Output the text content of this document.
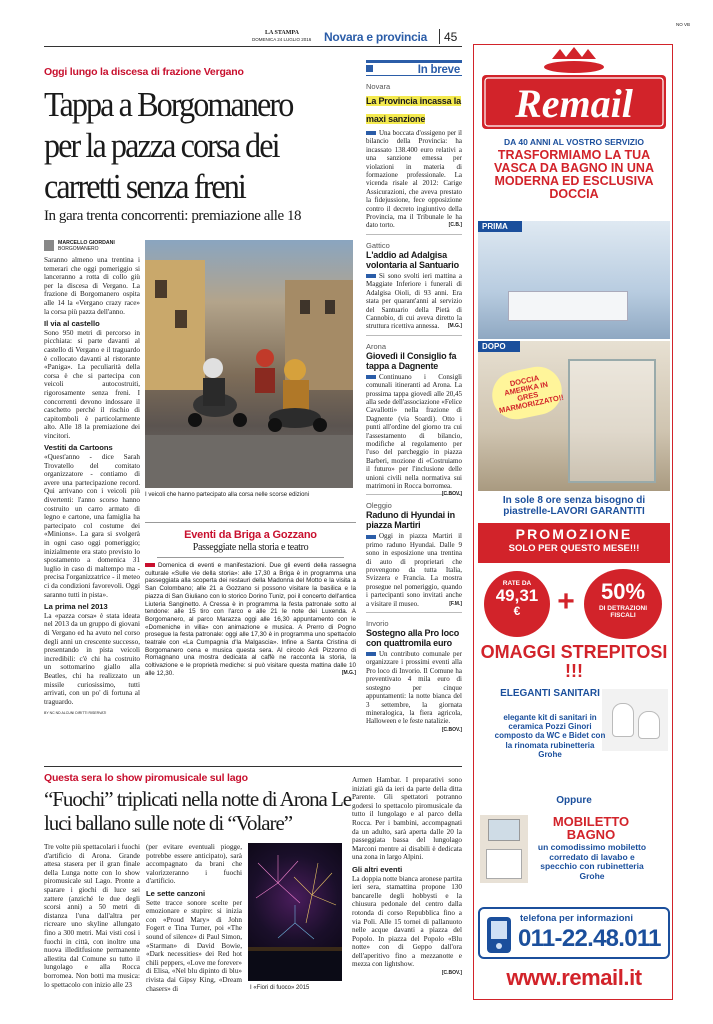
NO VB
LA STAMPA
DOMENICA 24 LUGLIO 2016 Novara e provincia 45
Oggi lungo la discesa di frazione Vergano
Tappa a Borgomanero per la pazza corsa dei carretti senza freni
In gara trenta concorrenti: premiazione alle 18
MARCELLO GIORDANI
BORGOMANERO

Saranno almeno una trentina i temerari che oggi pomeriggio si lanceranno a rotta di collo giù per la discesa di Vergano. La frazione di Borgomanero ospita alle 14 la «Vergano crazy race» la corsa più pazza dell'anno.

Il via al castello

Sono 950 metri di percorso in picchiata: si parte davanti al castello di Vergano e il traguardo è collocato davanti al ristorante «Paniga». La peculiarità della corsa è che si partecipa con veicoli autocostruiti, rigorosamente senza freni. I concorrenti devono indossare il caschetto perché il rischio di capitomboli è particolarmente alto. Alle 18 la premiazione dei vincitori.

Vestiti da Cartoons

«Quest'anno - dice Sarah Trovatello del comitato organizzatore - contiamo di avere una partecipazione record. Qui arrivano con i veicoli più divertenti: l'anno scorso hanno costruito un carro armato di legno e cartone, una famiglia ha partecipato col costume dei «Minions». La gara si svolgerà in ogni caso oggi pomeriggio; inizialmente era stato previsto lo spostamento a domenica 31 luglio in caso di maltempo ma - precisa l'organizzatrice - il meteo ci da condizioni favorevoli. Oggi saranno tutti in pista».

La prima nel 2013

La «pazza corsa» è stata ideata nel 2013 da un gruppo di giovani di Vergano ed ha avuto nel corso degli anni un crescente successo, presentando in pista veicoli incredibili: c'è chi ha costruito un sottomarino giallo alla Beatles, chi ha realizzato un missile curiosissimo, tutti arrivati, con un po' di fortuna al traguardo.

BY NC ND ALCUNI DIRITTI RISERVATI
I veicoli che hanno partecipato alla corsa nelle scorse edizioni
Eventi da Briga a Gozzano
Passeggiate nella storia e teatro
Domenica di eventi e manifestazioni. Due gli eventi della rassegna culturale «Sulle vie della storia»: alle 17,30 a Briga è in programma una passeggiata alla scoperta dei restauri della Madonna del Motto e la visita a San Colombano; alle 21 a Gozzano si possono visitare la basilica e la piazza di San Giuliano con lo storico Dorino Tuniz, poi il concerto dell'antica Liuteria Sanginetto. A Cressa è in programma la festa patronale sotto al tendone: alle 15 tiro con l'arco e alle 21 le note dei Luxenda. A Borgomanero, al parco Marazza oggi alle 16,30 appuntamento con le «Domeniche in villa» con animazione e musica. A Prerro di Pogno prosegue la festa patronale: oggi alle 17,30 è in programma uno spettacolo teatrale con «La Cumpagnia d'la Malgascia». Infine a Santa Cristina di Borgomanero cena e musica questa sera. Al circolo Acli Pizzorno di Romagnano una mostra dedicata al caffè ne racconta la storia, la coltivazione e le proprietà mediche: si può visitare questa mattina dalle 10 alle 12,30.	[M.G.]
In breve
Novara
La Provincia incassa la maxi sanzione
Una boccata d'ossigeno per il bilancio della Provincia: ha incassato 138.400 euro relativi a una sanzione emessa per violazioni in materia di formazione professionale. La vicenda risale al 2012: Carige Assicurazioni, che aveva prestato la fidejussione, fece opposizione contro il decreto ingiuntivo della Provincia, ma il Tribunale le ha dato torto.	[C.B.]
Gattico
L'addio ad Adalgisa volontaria al Santuario
Si sono svolti ieri mattina a Maggiate Inferiore i funerali di Adalgisa Oioli, di 93 anni. Era stata per quarant'anni al servizio del Santuario della Pietà di Cannobio, di cui aveva diretto la struttura ricettiva annessa. [M.G.]
Arona
Giovedì il Consiglio fa tappa a Dagnente
Continuano i Consigli comunali itineranti ad Arona. La prossima tappa giovedì alle 20,45 alla sede dell'associazione «Felice Cavallotti» nella frazione di Dagnente (via Soardi). Otto i punti all'ordine del giorno tra cui l'assestamento di bilancio, modifiche al regolamento per l'uso del parcheggio in piazza Barberi, mozione di «Costruiamo il futuro» per l'inclusione delle unioni civili nella normativa sui matrimoni in Rocca borromea.
[C.BOV.]
Oleggio
Raduno di Hyundai in piazza Martiri
Oggi in piazza Martiri il primo raduno Hyundai. Dalle 9 sono in esposizione una trentina di auto di proprietari che provengono da tutta Italia, Svizzera e Francia. La mostra prosegue nel pomeriggio, quando i partecipanti sono invitati anche a visitare il museo.	[F.M.]
Invorio
Sostegno alla Pro loco con quattromila euro
Un contributo comunale per organizzare i prossimi eventi alla Pro loco di Invorio. Il Comune ha preventivato 4 mila euro di sostegno per cinque appuntamenti: la notte bianca del 3 settembre, la giornata mineralogica, la fiera agricola, Halloween e le feste natalizie.
[C.BOV.]
Questa sera lo show piromusicale sul lago
“Fuochi” triplicati nella notte di Arona Le luci ballano sulle note di “Volare”

Tre volte più spettacolari i fuochi d'artificio di Arona. Grande attesa stasera per il gran finale della Lunga notte con lo show piromusicale sul Lago. Pronte a sparare i giochi di luce sei zattere (anziché le due degli scorsi anni) a 50 metri di distanza l'una dall'altra per ricreare uno skyline allungato fino a 300 metri. Mai visti così i fuochi in città, con inoltre una nuova illeditfusione permanente allestita dal Comune su tutto il lungolago e alla Rocca borromea. Non botti ma musica: lo spettacolo con inizio alle 23

(per evitare eventuali piogge, potrebbe essere anticipato), sarà accompagnato da brani che valorizzeranno i fuochi d'artificio.

Le sette canzoni

Sette tracce sonore scelte per emozionare e stupire: si inizia con «Proud Mary» di John Fogert e Tina Turner, poi «The sound of silence» di Paul Simon, «Starman» di David Bowie, «Dark necessities» dei Red hot chili peppers, «Love me forever» di Elisa, «Nel blu dipinto di blu» rivista dai Gipsy King, «Dream chasers» di	I «Fiori di fuoco» 2015

Armen Hambar. I preparativi sono iniziati già da ieri da parte della ditta Parente. Gli spettatori potranno godersi lo spettacolo piromusicale da tutto il lungolago e al parco della Rocca. Per i bambini, accompagnati da un adulto, sarà aperta dalle 20 la passeggiata bassa del lungolago Marconi mentre ai disabili è dedicata una zona in largo Alpini.

Gli altri eventi

La doppia notte bianca aronese partita ieri sera, stamattina propone 130 bancarelle degli hobbysti e la chiusura pedonale del centro dalla rotonda di corso Repubblica fino a via Poli. Alle 15 tornei di pallanuoto nelle acque davanti a piazza del Popolo. In piazza del Popolo «Blu notte» con di Geppo dall'ora dell'aperitivo fino a mezzanotte e mezza con lightshow.

[C.BOV.]
Remail
DA 40 ANNI AL VOSTRO SERVIZIO
TRASFORMIAMO LA TUA VASCA DA BAGNO IN UNA MODERNA ED ESCLUSIVA DOCCIA
PRIMA
DOPO
DOCCIA AMERIKA IN GRES MARMORIZZATO!!
In sole 8 ore senza bisogno di piastrelle-LAVORI GARANTITI
PROMOZIONE
SOLO PER QUESTO MESE!!!
RATE DA
49,31
€	+	50%
DI DETRAZIONI FISCALI
OMAGGI STREPITOSI !!!
ELEGANTI SANITARI
elegante kit di sanitari in ceramica Pozzi Ginori composto da WC e Bidet con la rinomata rubinetteria Grohe
Oppure
MOBILETTO BAGNO
un comodissimo mobiletto corredato di lavabo e specchio con rubinetteria Grohe
telefona per informazioni
011-22.48.011
www.remail.it
